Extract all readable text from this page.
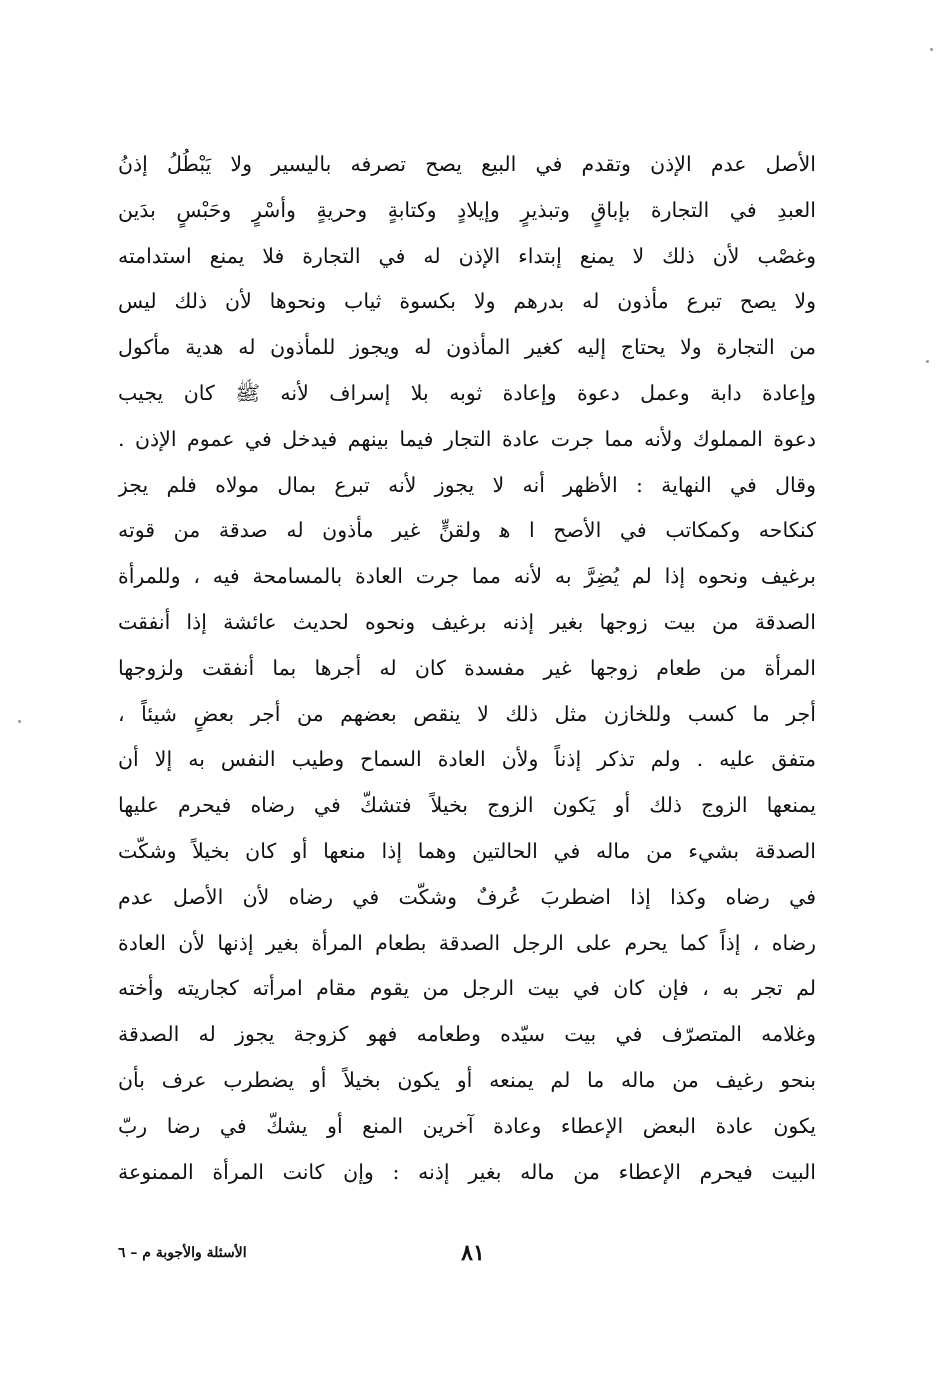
الأصل عدم الإذن وتقدم في البيع يصح تصرفه باليسير ولا يَبْطُلُ إذنُ
العبدِ في التجارة بإباقٍ وتبذيرٍ وإيلادٍ وكتابةٍ وحريةٍ وأسْرٍ وحَبْسٍ بدَين
وغصْب لأن ذلك لا يمنع إبتداء الإذن له في التجارة فلا يمنع استدامته
ولا يصح تبرع مأذون له بدرهم ولا بكسوة ثياب ونحوها لأن ذلك ليس
من التجارة ولا يحتاج إليه كغير المأذون له ويجوز للمأذون له هدية مأكول
وإعادة دابة وعمل دعوة وإعادة ثوبه بلا إسراف لأنه ﷺ كان يجيب
دعوة المملوك ولأنه مما جرت عادة التجار فيما بينهم فيدخل في عموم الإذن .
وقال في النهاية : الأظهر أنه لا يجوز لأنه تبرع بمال مولاه فلم يجز
كنكاحه وكمكاتب في الأصح ا ﻫ ولقنٍّ غير مأذون له صدقة من قوته
برغيف ونحوه إذا لم يُضِرَّ به لأنه مما جرت العادة بالمسامحة فيه ، وللمرأة
الصدقة من بيت زوجها بغير إذنه برغيف ونحوه لحديث عائشة إذا أنفقت
المرأة من طعام زوجها غير مفسدة كان له أجرها بما أنفقت ولزوجها
أجر ما كسب وللخازن مثل ذلك لا ينقص بعضهم من أجر بعضٍ شيئاً ،
متفق عليه . ولم تذكر إذناً ولأن العادة السماح وطيب النفس به إلا أن
يمنعها الزوج ذلك أو يَكون الزوج بخيلاً فتشكّ في رضاه فيحرم عليها
الصدقة بشيء من ماله في الحالتين وهما إذا منعها أو كان بخيلاً وشكّت
في رضاه وكذا إذا اضطربَ عُرفٌ وشكّت في رضاه لأن الأصل عدم
رضاه ، إذاً كما يحرم على الرجل الصدقة بطعام المرأة بغير إذنها لأن العادة
لم تجر به ، فإن كان في بيت الرجل من يقوم مقام امرأته كجاريته وأخته
وغلامه المتصرّف في بيت سيّده وطعامه فهو كزوجة يجوز له الصدقة
بنحو رغيف من ماله ما لم يمنعه أو يكون بخيلاً أو يضطرب عرف بأن
يكون عادة البعض الإعطاء وعادة آخرين المنع أو يشكّ في رضا ربّ
البيت فيحرم الإعطاء من ماله بغير إذنه : وإن كانت المرأة الممنوعة
٨١
الأسئلة والأجوبة م – ٦
